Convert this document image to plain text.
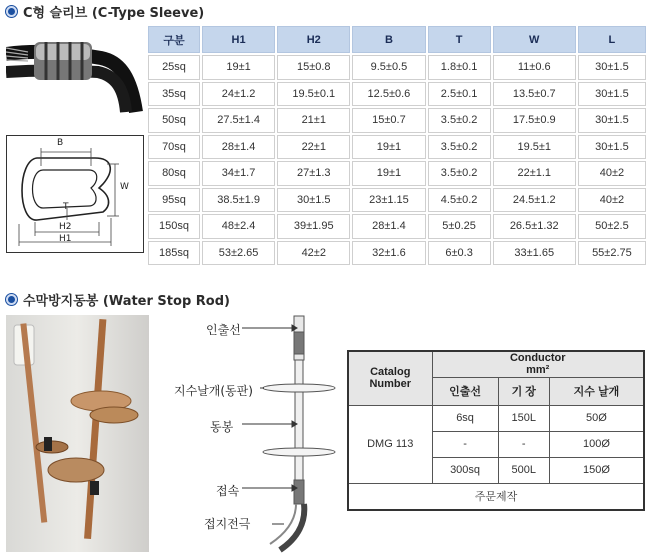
C형 슬리브 (C-Type Sleeve)
B
W
T
H2
H1
구분	H1	H2	B	T	W	L
25sq	19±1	15±0.8	9.5±0.5	1.8±0.1	11±0.6	30±1.5
35sq	24±1.2	19.5±0.1	12.5±0.6	2.5±0.1	13.5±0.7	30±1.5
50sq	27.5±1.4	21±1	15±0.7	3.5±0.2	17.5±0.9	30±1.5
70sq	28±1.4	22±1	19±1	3.5±0.2	19.5±1	30±1.5
80sq	34±1.7	27±1.3	19±1	3.5±0.2	22±1.1	40±2
95sq	38.5±1.9	30±1.5	23±1.15	4.5±0.2	24.5±1.2	40±2
150sq	48±2.4	39±1.95	28±1.4	5±0.25	26.5±1.32	50±2.5
185sq	53±2.65	42±2	32±1.6	6±0.3	33±1.65	55±2.75
수막방지동봉 (Water Stop Rod)
인출선
지수날개(동판)
동봉
접속
접지전극
Catalog Number	Conductor
mm²		

	인출선	기 장	지수 날개
DMG 113	6sq	150L	50Ø
	-	-	100Ø
	300sq	500L	150Ø
주문제작			
